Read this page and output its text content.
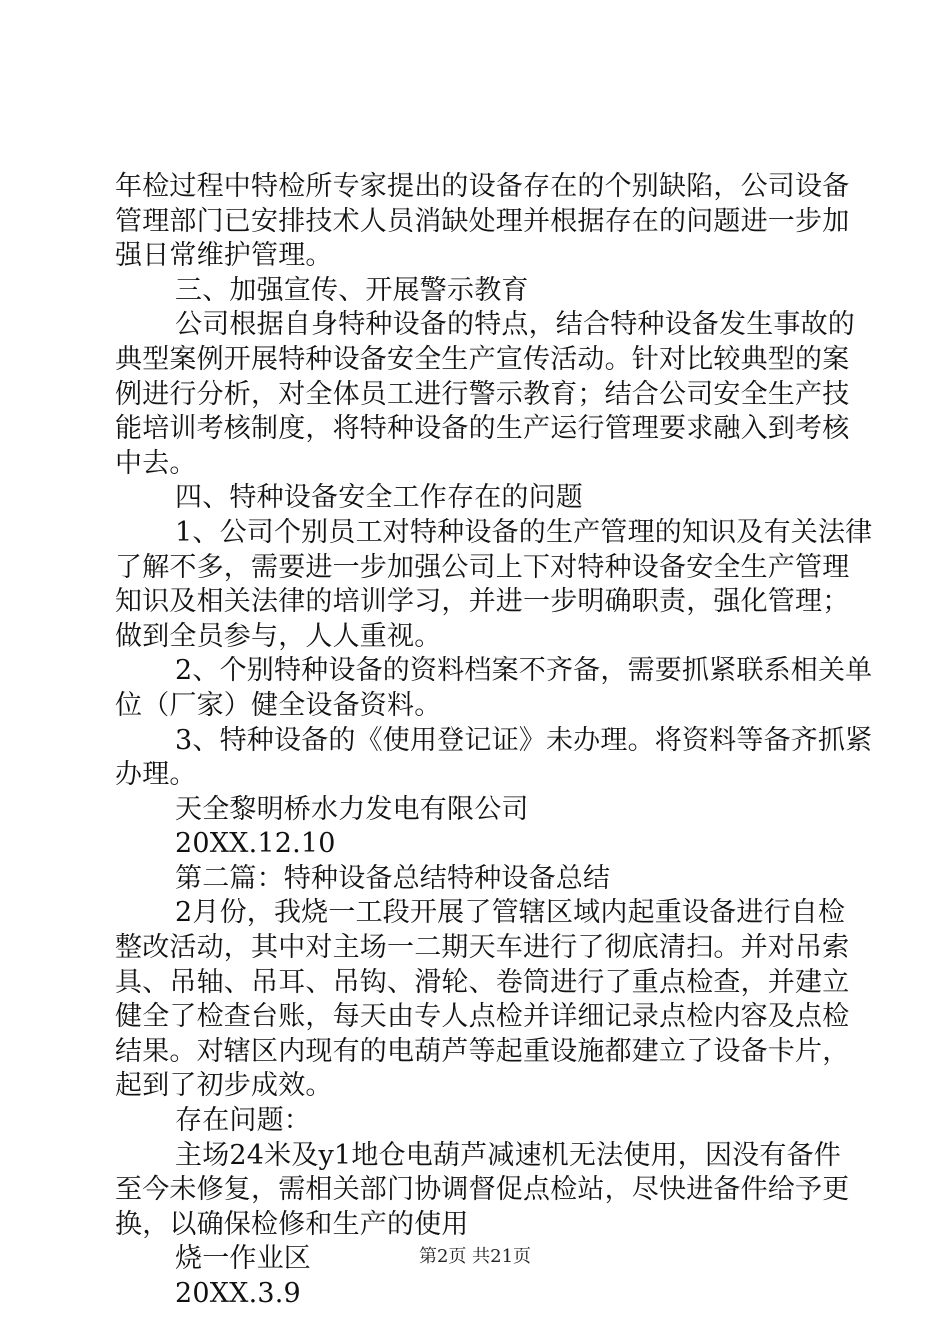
年检过程中特检所专家提出的设备存在的个别缺陷，公司设备
管理部门已安排技术人员消缺处理并根据存在的问题进一步加
强日常维护管理。
三、加强宣传、开展警示教育
公司根据自身特种设备的特点，结合特种设备发生事故的
典型案例开展特种设备安全生产宣传活动。针对比较典型的案
例进行分析，对全体员工进行警示教育；结合公司安全生产技
能培训考核制度，将特种设备的生产运行管理要求融入到考核
中去。
四、特种设备安全工作存在的问题
1、公司个别员工对特种设备的生产管理的知识及有关法律
了解不多，需要进一步加强公司上下对特种设备安全生产管理
知识及相关法律的培训学习，并进一步明确职责，强化管理；
做到全员参与，人人重视。
2、个别特种设备的资料档案不齐备，需要抓紧联系相关单
位（厂家）健全设备资料。
3、特种设备的《使用登记证》未办理。将资料等备齐抓紧
办理。
天全黎明桥水力发电有限公司
20XX.12.10
第二篇：特种设备总结特种设备总结
2月份，我烧一工段开展了管辖区域内起重设备进行自检
整改活动，其中对主场一二期天车进行了彻底清扫。并对吊索
具、吊轴、吊耳、吊钩、滑轮、卷筒进行了重点检查，并建立
健全了检查台账，每天由专人点检并详细记录点检内容及点检
结果。对辖区内现有的电葫芦等起重设施都建立了设备卡片，
起到了初步成效。
存在问题：
主场24米及y1地仓电葫芦减速机无法使用，因没有备件
至今未修复，需相关部门协调督促点检站，尽快进备件给予更
换，以确保检修和生产的使用
烧一作业区
20XX.3.9
第2页 共21页
